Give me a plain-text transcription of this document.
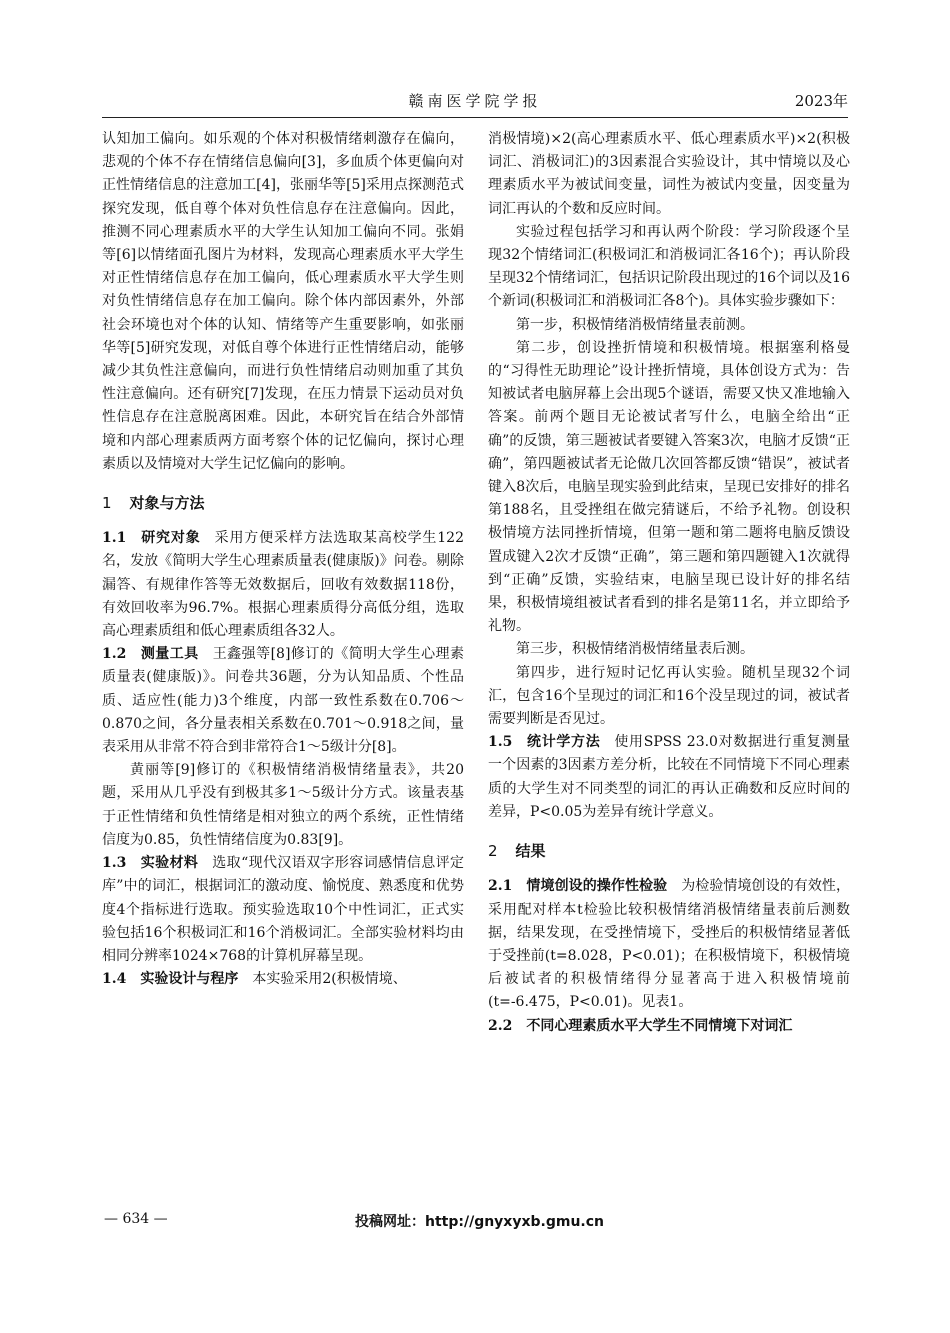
赣南医学院学报	2023年

认知加工偏向。如乐观的个体对积极情绪刺激存在偏向，悲观的个体不存在情绪信息偏向[3]，多血质个体更偏向对正性情绪信息的注意加工[4]，张丽华等[5]采用点探测范式探究发现，低自尊个体对负性信息存在注意偏向。因此，推测不同心理素质水平的大学生认知加工偏向不同。张娟等[6]以情绪面孔图片为材料，发现高心理素质水平大学生对正性情绪信息存在加工偏向，低心理素质水平大学生则对负性情绪信息存在加工偏向。除个体内部因素外，外部社会环境也对个体的认知、情绪等产生重要影响，如张丽华等[5]研究发现，对低自尊个体进行正性情绪启动，能够减少其负性注意偏向，而进行负性情绪启动则加重了其负性注意偏向。还有研究[7]发现，在压力情景下运动员对负性信息存在注意脱离困难。因此，本研究旨在结合外部情境和内部心理素质两方面考察个体的记忆偏向，探讨心理素质以及情境对大学生记忆偏向的影响。

1 对象与方法

1.1 研究对象 采用方便采样方法选取某高校学生122名，发放《简明大学生心理素质量表(健康版)》问卷。剔除漏答、有规律作答等无效数据后，回收有效数据118份，有效回收率为96.7%。根据心理素质得分高低分组，选取高心理素质组和低心理素质组各32人。

1.2 测量工具 王鑫强等[8]修订的《简明大学生心理素质量表(健康版)》。问卷共36题，分为认知品质、个性品质、适应性(能力)3个维度，内部一致性系数在0.706～0.870之间，各分量表相关系数在0.701～0.918之间，量表采用从非常不符合到非常符合1～5级计分[8]。

黄丽等[9]修订的《积极情绪消极情绪量表》，共20题，采用从几乎没有到极其多1～5级计分方式。该量表基于正性情绪和负性情绪是相对独立的两个系统，正性情绪信度为0.85，负性情绪信度为0.83[9]。

1.3 实验材料 选取“现代汉语双字形容词感情信息评定库”中的词汇，根据词汇的激动度、愉悦度、熟悉度和优势度4个指标进行选取。预实验选取10个中性词汇，正式实验包括16个积极词汇和16个消极词汇。全部实验材料均由相同分辨率1024×768的计算机屏幕呈现。

1.4 实验设计与程序 本实验采用2(积极情境、

消极情境)×2(高心理素质水平、低心理素质水平)×2(积极词汇、消极词汇)的3因素混合实验设计，其中情境以及心理素质水平为被试间变量，词性为被试内变量，因变量为词汇再认的个数和反应时间。

实验过程包括学习和再认两个阶段：学习阶段逐个呈现32个情绪词汇(积极词汇和消极词汇各16个)；再认阶段呈现32个情绪词汇，包括识记阶段出现过的16个词以及16个新词(积极词汇和消极词汇各8个)。具体实验步骤如下：

第一步，积极情绪消极情绪量表前测。

第二步，创设挫折情境和积极情境。根据塞利格曼的“习得性无助理论”设计挫折情境，具体创设方式为：告知被试者电脑屏幕上会出现5个谜语，需要又快又准地输入答案。前两个题目无论被试者写什么，电脑全给出“正确”的反馈，第三题被试者要键入答案3次，电脑才反馈“正确”，第四题被试者无论做几次回答都反馈“错误”，被试者键入8次后，电脑呈现实验到此结束，呈现已安排好的排名第188名，且受挫组在做完猜谜后，不给予礼物。创设积极情境方法同挫折情境，但第一题和第二题将电脑反馈设置成键入2次才反馈“正确”，第三题和第四题键入1次就得到“正确”反馈，实验结束，电脑呈现已设计好的排名结果，积极情境组被试者看到的排名是第11名，并立即给予礼物。

第三步，积极情绪消极情绪量表后测。

第四步，进行短时记忆再认实验。随机呈现32个词汇，包含16个呈现过的词汇和16个没呈现过的词，被试者需要判断是否见过。

1.5 统计学方法 使用SPSS 23.0对数据进行重复测量一个因素的3因素方差分析，比较在不同情境下不同心理素质的大学生对不同类型的词汇的再认正确数和反应时间的差异，P<0.05为差异有统计学意义。

2 结果

2.1 情境创设的操作性检验 为检验情境创设的有效性，采用配对样本t检验比较积极情绪消极情绪量表前后测数据，结果发现，在受挫情境下，受挫后的积极情绪显著低于受挫前(t=8.028，P<0.01)；在积极情境下，积极情境后被试者的积极情绪得分显著高于进入积极情境前(t=-6.475，P<0.01)。见表1。

2.2 不同心理素质水平大学生不同情境下对词汇

— 634 —	投稿网址：http://gnyxyxb.gmu.cn
